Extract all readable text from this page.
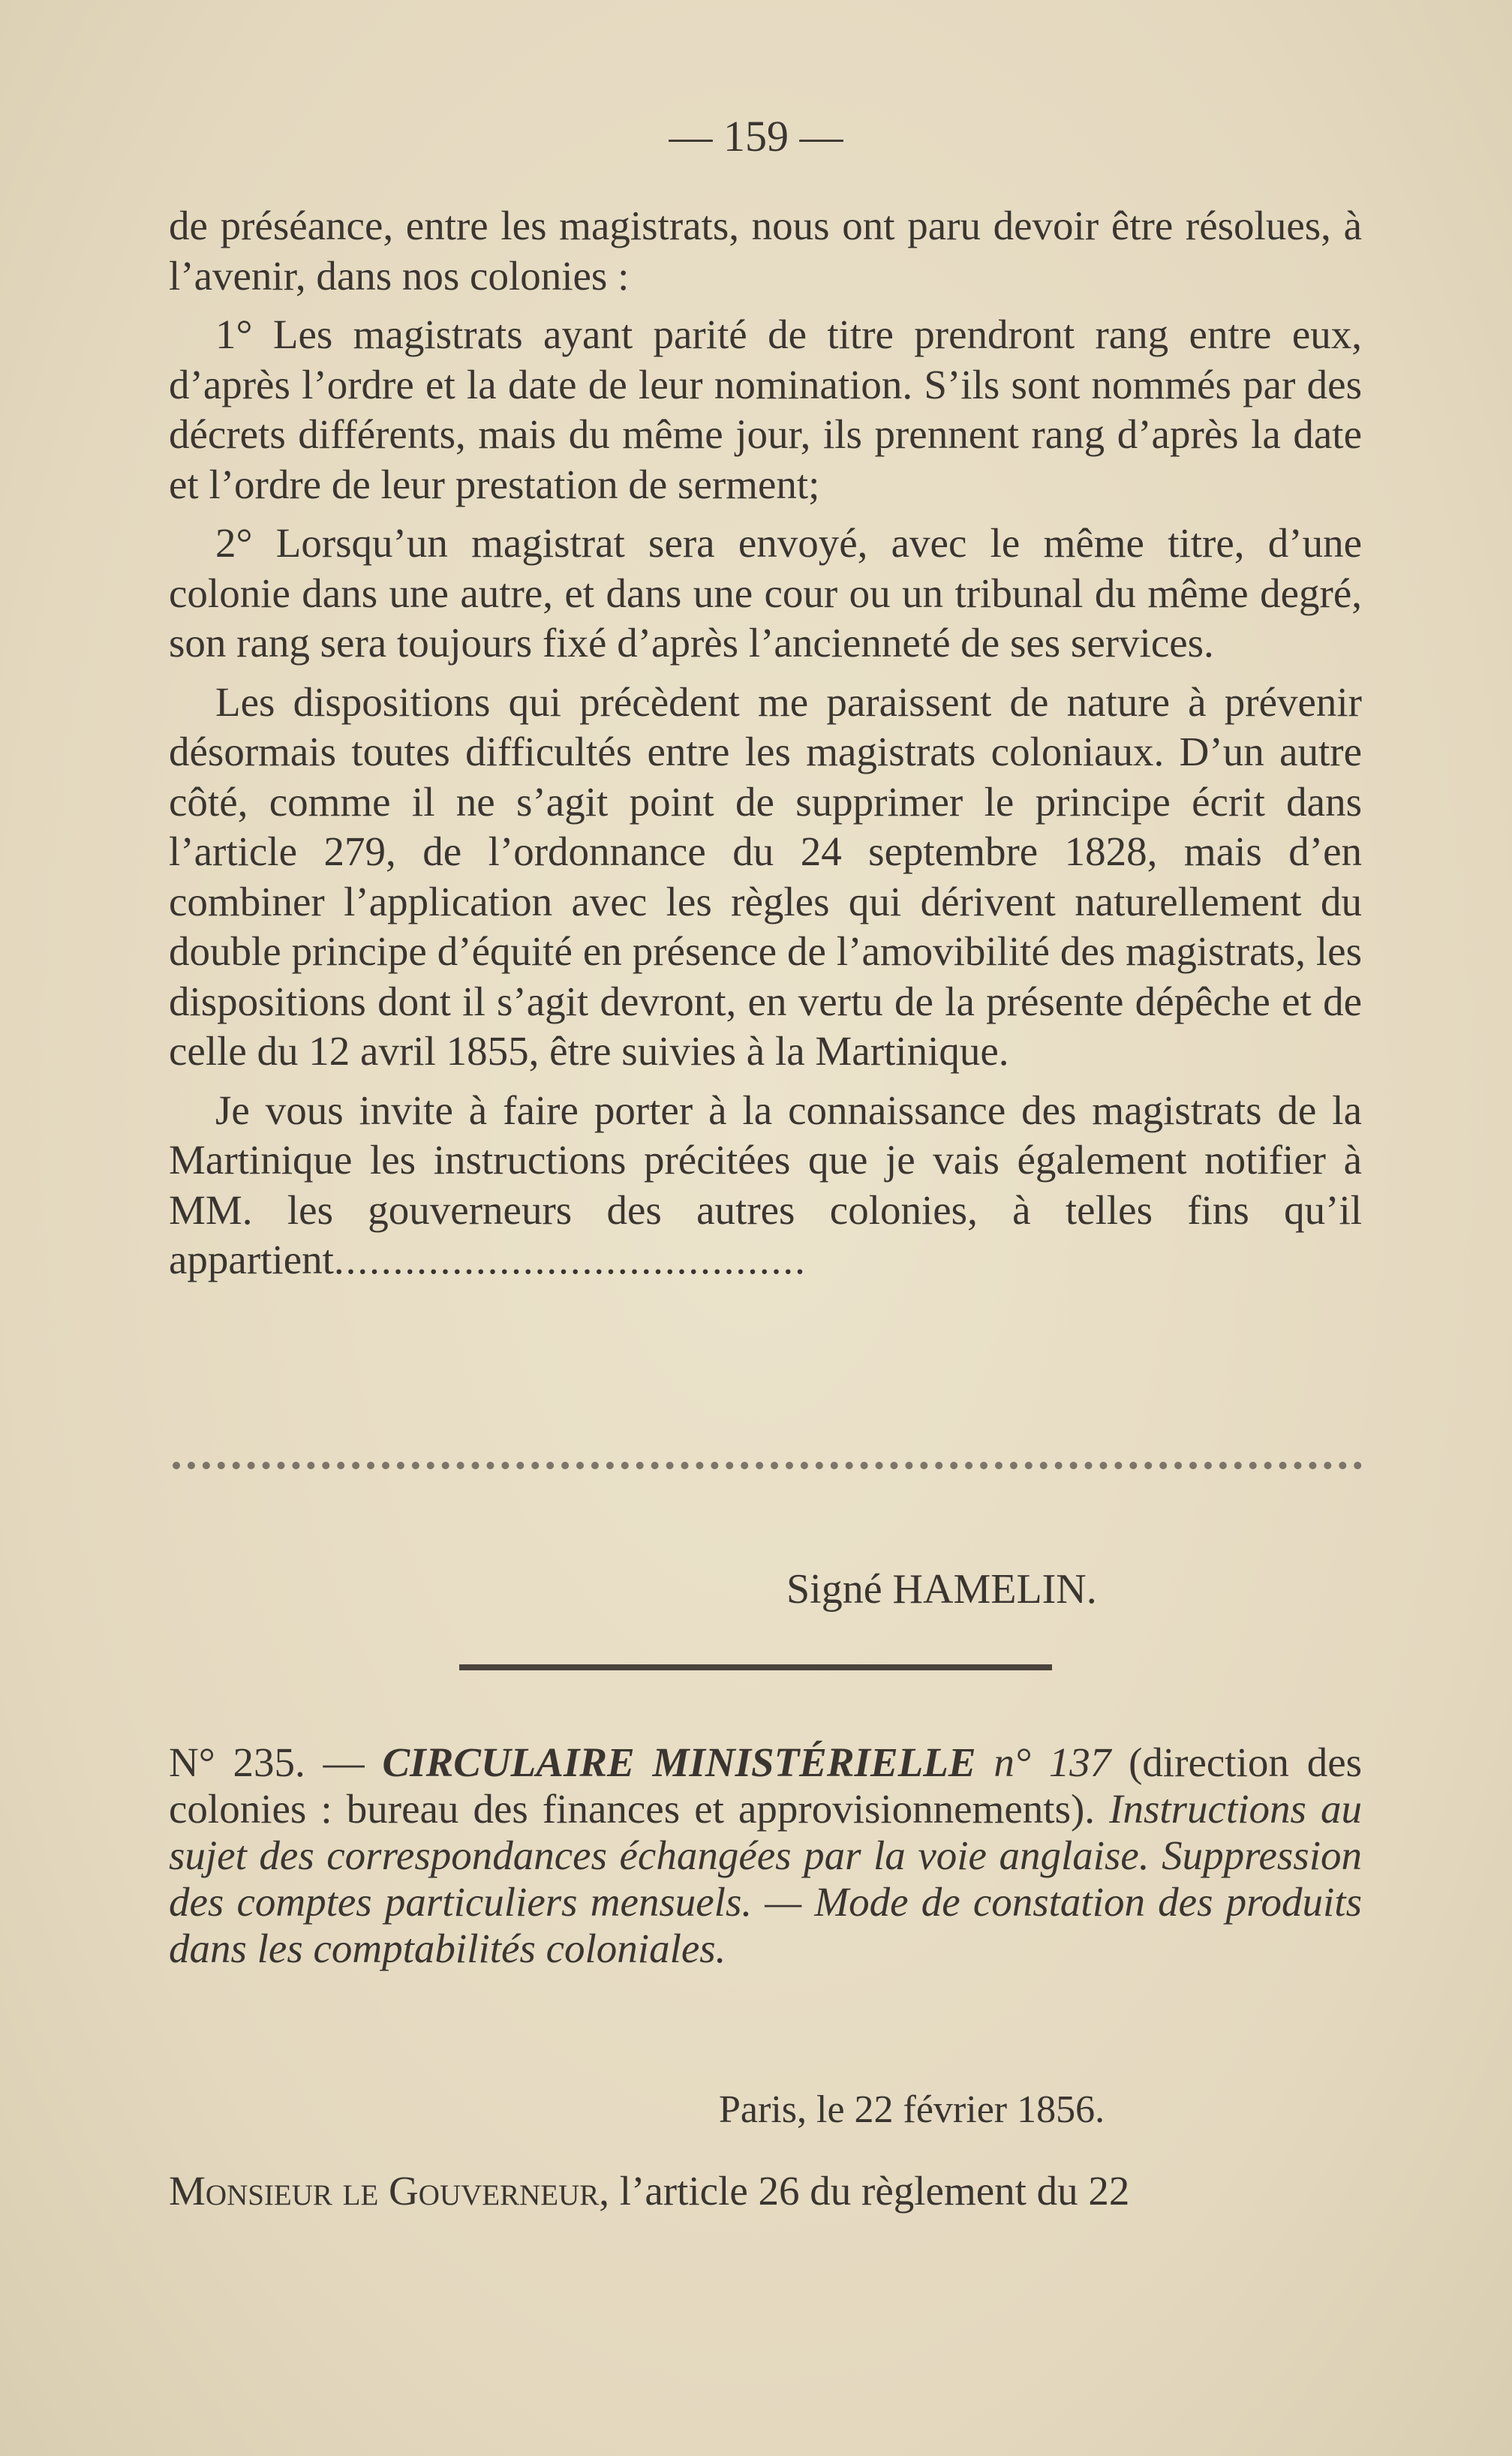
— 159 —

de préséance, entre les magistrats, nous ont paru devoir être résolues, à l’avenir, dans nos colonies :

1° Les magistrats ayant parité de titre prendront rang entre eux, d’après l’ordre et la date de leur nomination. S’ils sont nommés par des décrets différents, mais du même jour, ils prennent rang d’après la date et l’ordre de leur prestation de serment;

2° Lorsqu’un magistrat sera envoyé, avec le même titre, d’une colonie dans une autre, et dans une cour ou un tribunal du même degré, son rang sera toujours fixé d’après l’ancienneté de ses services.

Les dispositions qui précèdent me paraissent de nature à prévenir désormais toutes difficultés entre les magistrats coloniaux. D’un autre côté, comme il ne s’agit point de supprimer le principe écrit dans l’article 279, de l’ordonnance du 24 septembre 1828, mais d’en combiner l’application avec les règles qui dérivent naturellement du double principe d’équité en présence de l’amovibilité des magistrats, les dispositions dont il s’agit devront, en vertu de la présente dépêche et de celle du 12 avril 1855, être suivies à la Martinique.

Je vous invite à faire porter à la connaissance des magistrats de la Martinique les instructions précitées que je vais également notifier à MM. les gouverneurs des autres colonies, à telles fins qu’il appartient........................................

Signé HAMELIN.
N° 235. — CIRCULAIRE MINISTÉRIELLE n° 137 (direction des colonies : bureau des finances et approvisionnements). Instructions au sujet des correspondances échangées par la voie anglaise. Suppression des comptes particuliers mensuels. — Mode de constation des produits dans les comptabilités coloniales.
Paris, le 22 février 1856.
Monsieur le Gouverneur, l’article 26 du règlement du 22
